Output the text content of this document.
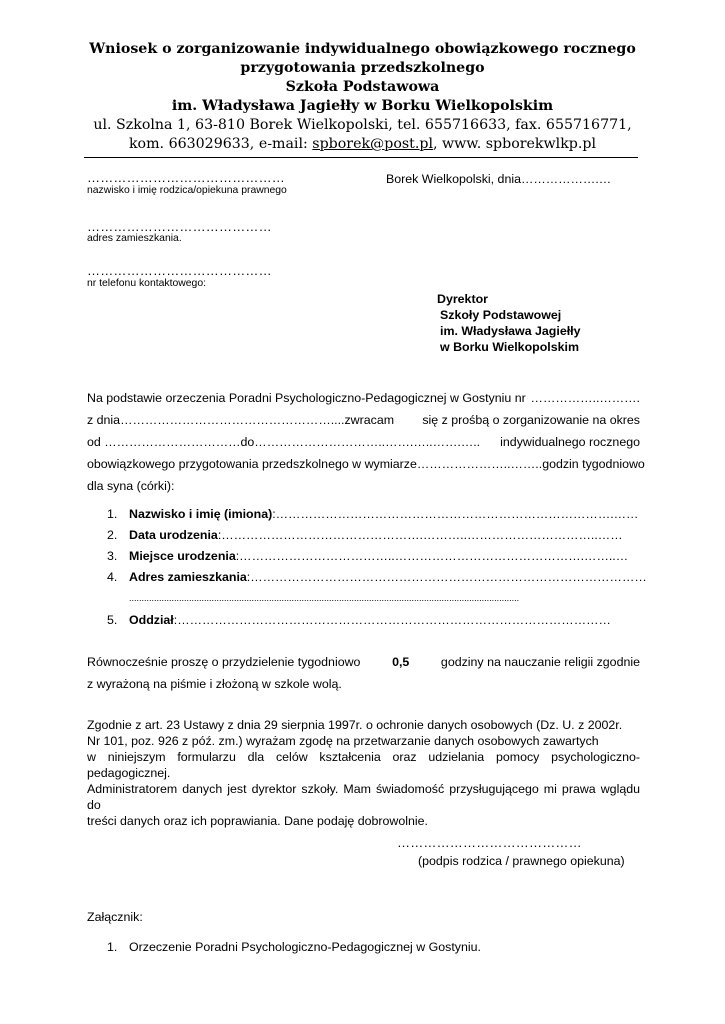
Wniosek o zorganizowanie indywidualnego obowiązkowego rocznego
przygotowania przedszkolnego
Szkoła Podstawowa
im. Władysława Jagiełły w Borku Wielkopolskim
ul. Szkolna 1, 63-810 Borek Wielkopolski, tel. 655716633, fax. 655716771,
kom. 663029633, e-mail: spborek@post.pl, www. spborekwlkp.pl
………………………………………
nazwisko i imię rodzica/opiekuna prawnego
Borek Wielkopolski, dnia……………….…
……………………………………
adres zamieszkania.
……………………………………
nr telefonu kontaktowego:
Dyrektor
Szkoły Podstawowej
im. Władysława Jagiełły
w Borku Wielkopolskim
Na podstawie orzeczenia Poradni Psychologiczno-Pedagogicznej w Gostyniu nr ……………..……….
z dnia……………………………………………....zwracam się z prośbą o zorganizowanie na okres
od ……………………………do…………………………..…….…..…….….. indywidualnego rocznego
obowiązkowego przygotowania przedszkolnego w wymiarze…………………..…….. godzin tygodniowo
dla syna (córki):
1. Nazwisko i imię (imiona):……………………………………………………………………….……
2. Data urodzenia:………………………………………….………..…………………………..……
3. Miejsce urodzenia:………………………………..……………………………………….……..…
4. Adres zamieszkania:……………………………………………………………………………………
............................................................................................................................................................
5. Oddział:……………………………………………………………………………………………
Równocześnie proszę o przydzielenie tygodniowo	0,5	godziny na nauczanie religii zgodnie
z wyrażoną na piśmie i złożoną w szkole wolą.
Zgodnie z art. 23 Ustawy z dnia 29 sierpnia 1997r. o ochronie danych osobowych (Dz. U. z 2002r.
Nr 101, poz. 926 z póź. zm.) wyrażam zgodę na przetwarzanie danych osobowych zawartych
w niniejszym formularzu dla celów kształcenia oraz udzielania pomocy psychologiczno-pedagogicznej.
Administratorem danych jest dyrektor szkoły. Mam świadomość przysługującego mi prawa wglądu do
treści danych oraz ich poprawiania. Dane podaję dobrowolnie.
……………………………………
(podpis rodzica / prawnego opiekuna)
Załącznik:
1. Orzeczenie Poradni Psychologiczno-Pedagogicznej w Gostyniu.
